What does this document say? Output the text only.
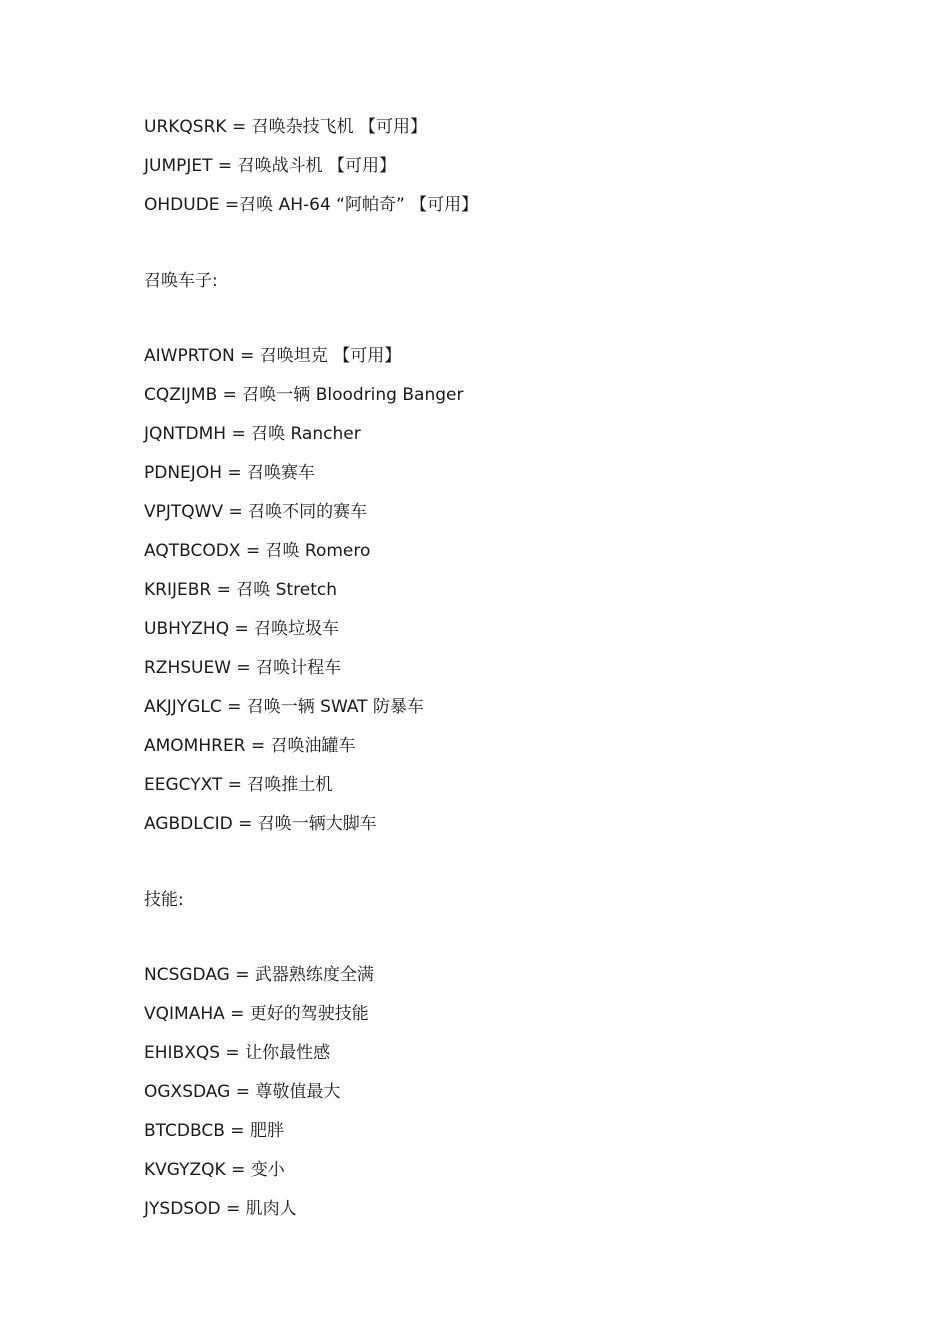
URKQSRK = 召唤杂技飞机 【可用】
JUMPJET = 召唤战斗机 【可用】
OHDUDE =召唤 AH-64 “阿帕奇” 【可用】
召唤车子:
AIWPRTON = 召唤坦克 【可用】
CQZIJMB = 召唤一辆 Bloodring Banger
JQNTDMH = 召唤 Rancher
PDNEJOH = 召唤赛车
VPJTQWV = 召唤不同的赛车
AQTBCODX = 召唤 Romero
KRIJEBR = 召唤 Stretch
UBHYZHQ = 召唤垃圾车
RZHSUEW = 召唤计程车
AKJJYGLC = 召唤一辆 SWAT 防暴车
AMOMHRER = 召唤油罐车
EEGCYXT = 召唤推土机
AGBDLCID = 召唤一辆大脚车
技能:
NCSGDAG = 武器熟练度全满
VQIMAHA = 更好的驾驶技能
EHIBXQS = 让你最性感
OGXSDAG = 尊敬值最大
BTCDBCB = 肥胖
KVGYZQK = 变小
JYSDSOD = 肌肉人
